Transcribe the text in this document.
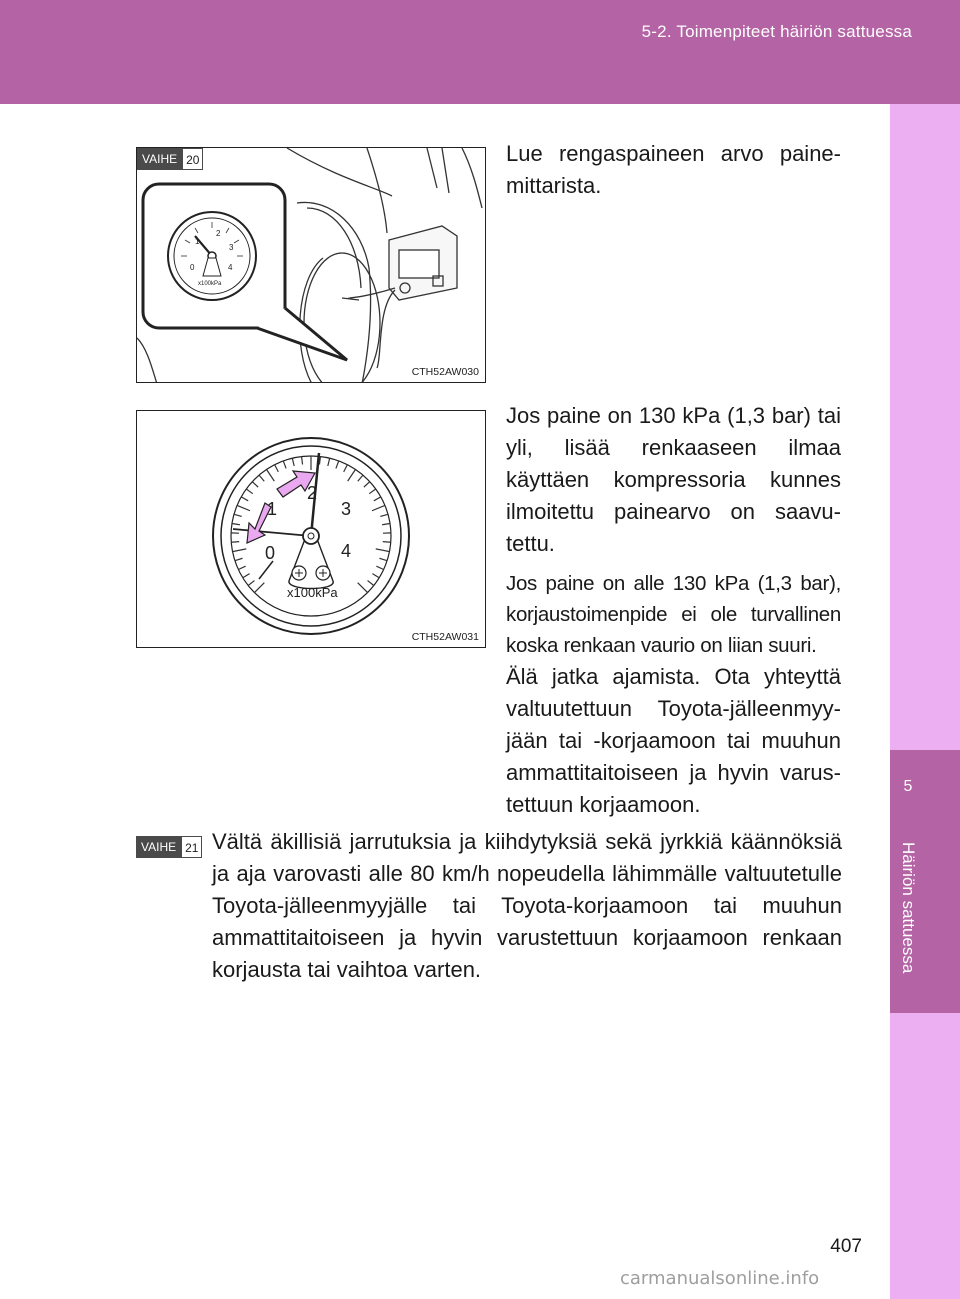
5-2. Toimenpiteet häiriön sattuessa
5
Häiriön sattuessa
0
1
2
3
4
x100kPa
CTH52AW030
VAIHE 20
0
1
2
3
4
x100kPa
CTH52AW031

Lue rengaspaineen arvo painemittarista.

Jos paine on 130 kPa (1,3 bar) tai yli, lisää renkaaseen ilmaa käyttäen kompressoria kunnes ilmoitettu painearvo on saavutettu.

Jos paine on alle 130 kPa (1,3 bar), korjaustoimenpide ei ole turvallinen koska renkaan vaurio on liian suuri.

Älä jatka ajamista. Ota yhteyttä valtuutettuun Toyota-jälleenmyyjään tai -korjaamoon tai muuhun ammattitaitoiseen ja hyvin varustettuun korjaamoon.

VAIHE 21 Vältä äkillisiä jarrutuksia ja kiihdytyksiä sekä jyrkkiä käännöksiä ja aja varovasti alle 80 km/h nopeudella lähimmälle valtuutetulle Toyota-jälleenmyyjälle tai Toyota-korjaamoon tai muuhun ammattitaitoiseen ja hyvin varustettuun korjaamoon renkaan korjausta tai vaihtoa varten.

407
carmanualsonline.info
